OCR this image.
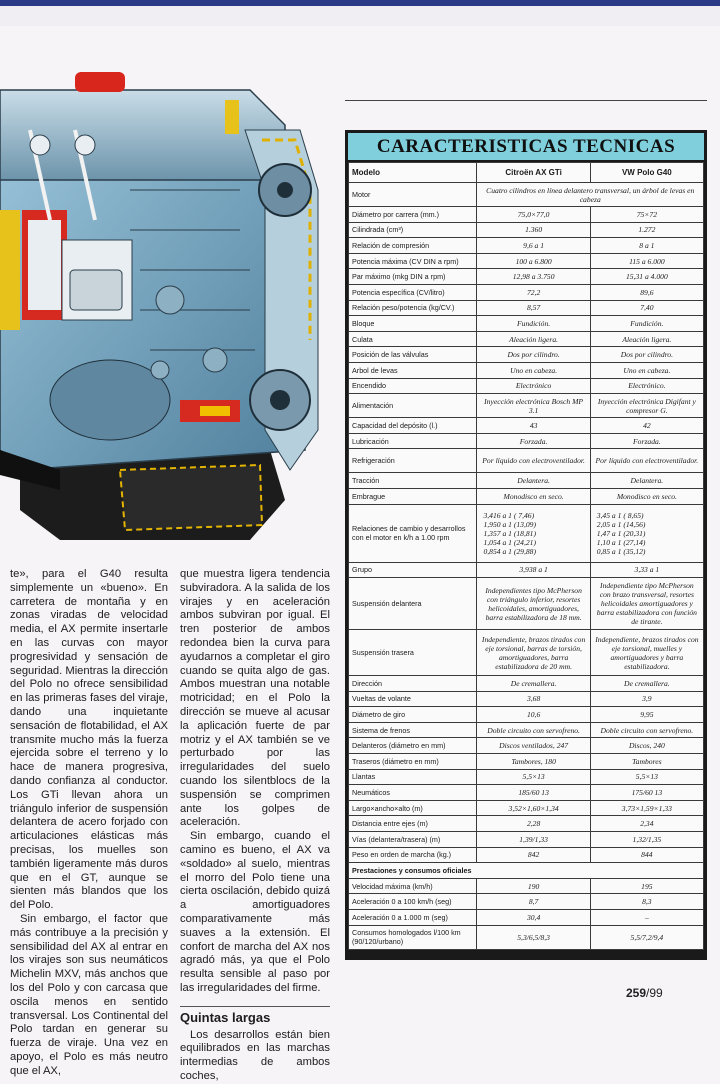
te», para el G40 resulta simplemente un «bueno». En carretera de montaña y en zonas viradas de velocidad media, el AX permite insertarle en las curvas con mayor progresividad y sensación de seguridad. Mientras la dirección del Polo no ofrece sensibilidad en las primeras fases del viraje, dando una inquietante sensación de flotabilidad, el AX transmite mucho más la fuerza ejercida sobre el terreno y lo hace de manera progresiva, dando confianza al conductor. Los GTi llevan ahora un triángulo inferior de suspensión delantera de acero forjado con articulaciones elásticas más precisas, los muelles son también ligeramente más duros que en el GT, aunque se sienten más blandos que los del Polo.

Sin embargo, el factor que más contribuye a la precisión y sensibilidad del AX al entrar en los virajes son sus neumáticos Michelin MXV, más anchos que los del Polo y con carcasa que oscila menos en sentido transversal. Los Continental del Polo tardan en generar su fuerza de viraje. Una vez en apoyo, el Polo es más neutro que el AX,

que muestra ligera tendencia subviradora. A la salida de los virajes y en aceleración ambos subviran por igual. El tren posterior de ambos redondea bien la curva para ayudarnos a completar el giro cuando se quita algo de gas. Ambos muestran una notable motricidad; en el Polo la dirección se mueve al acusar la aplicación fuerte de par motriz y el AX también se ve perturbado por las irregularidades del suelo cuando los silentblocs de la suspensión se comprimen ante los golpes de aceleración.

Sin embargo, cuando el camino es bueno, el AX va «soldado» al suelo, mientras el morro del Polo tiene una cierta oscilación, debido quizá a amortiguadores comparativamente más suaves a la extensión. El confort de marcha del AX nos agradó más, ya que el Polo resulta sensible al paso por las irregularidades del firme.

Quintas largas

Los desarrollos están bien equilibrados en las marchas intermedias de ambos coches,

CARACTERISTICAS TECNICAS
Modelo	Citroën AX GTi	VW Polo G40
Motor	Cuatro cilindros en línea delantero transversal, un árbol de levas en cabeza	
Diámetro por carrera (mm.)	75,0×77,0	75×72
Cilindrada (cm³)	1.360	1.272
Relación de compresión	9,6 a 1	8 a 1
Potencia máxima (CV DIN a rpm)	100 a 6.800	115 a 6.000
Par máximo (mkg DIN a rpm)	12,98 a 3.750	15,31 a 4.000
Potencia específica (CV/litro)	72,2	89,6
Relación peso/potencia (kg/CV.)	8,57	7,40
Bloque	Fundición.	Fundición.
Culata	Aleación ligera.	Aleación ligera.
Posición de las válvulas	Dos por cilindro.	Dos por cilindro.
Arbol de levas	Uno en cabeza.	Uno en cabeza.
Encendido	Electrónico	Electrónico.
Alimentación	Inyección electrónica Bosch MP 3.1	Inyección electrónica Digifant y compresor G.
Capacidad del depósito (l.)	43	42
Lubricación	Forzada.	Forzada.
Refrigeración	Por líquido con electroventilador.	Por líquido con electroventilador.
Tracción	Delantera.	Delantera.
Embrague	Monodisco en seco.	Monodisco en seco.
Relaciones de cambio y desarrollos con el motor en k/h a 1.00 rpm	3,416 a 1 ( 7,46)
1,950 a 1 (13,09)
1,357 a 1 (18,81)
1,054 a 1 (24,21)
0,854 a 1 (29,88)	3,45 a 1 ( 8,65)
2,05 a 1 (14,56)
1,47 a 1 (20,31)
1,10 a 1 (27,14)
0,85 a 1 (35,12)
Grupo	3,938 a 1	3,33 a 1
Suspensión delantera	Independientes tipo McPherson con triángulo inferior, resortes helicoidales, amortiguadores, barra estabilizadora de 18 mm.	Independiente tipo McPherson con brazo transversal, resortes helicoidales amortiguadores y barra estabilizadora con función de tirante.
Suspensión trasera	Independiente, brazos tirados con eje torsional, barras de torsión, amortiguadores, barra estabilizadora de 20 mm.	Independiente, brazos tirados con eje torsional, muelles y amortiguadores y barra estabilizadora.
Dirección	De cremallera.	De cremallera.
Vueltas de volante	3,68	3,9
Diámetro de giro	10,6	9,95
Sistema de frenos	Doble circuito con servofreno.	Doble circuito con servofreno.
Delanteros (diámetro en mm)	Discos ventilados, 247	Discos, 240
Traseros (diámetro en mm)	Tambores, 180	Tambores
Llantas	5,5×13	5,5×13
Neumáticos	185/60 13	175/60 13
Largo×ancho×alto (m)	3,52×1,60×1,34	3,73×1,59×1,33
Distancia entre ejes (m)	2,28	2,34
Vías (delantera/trasera) (m)	1,39/1,33	1,32/1,35
Peso en orden de marcha (kg.)	842	844
Prestaciones y consumos oficiales		
Velocidad máxima (km/h)	190	195
Aceleración 0 a 100 km/h (seg)	8,7	8,3
Aceleración 0 a 1.000 m (seg)	30,4	–
Consumos homologados l/100 km (90/120/urbano)	5,3/6,5/8,3	5,5/7,2/9,4
259/99
